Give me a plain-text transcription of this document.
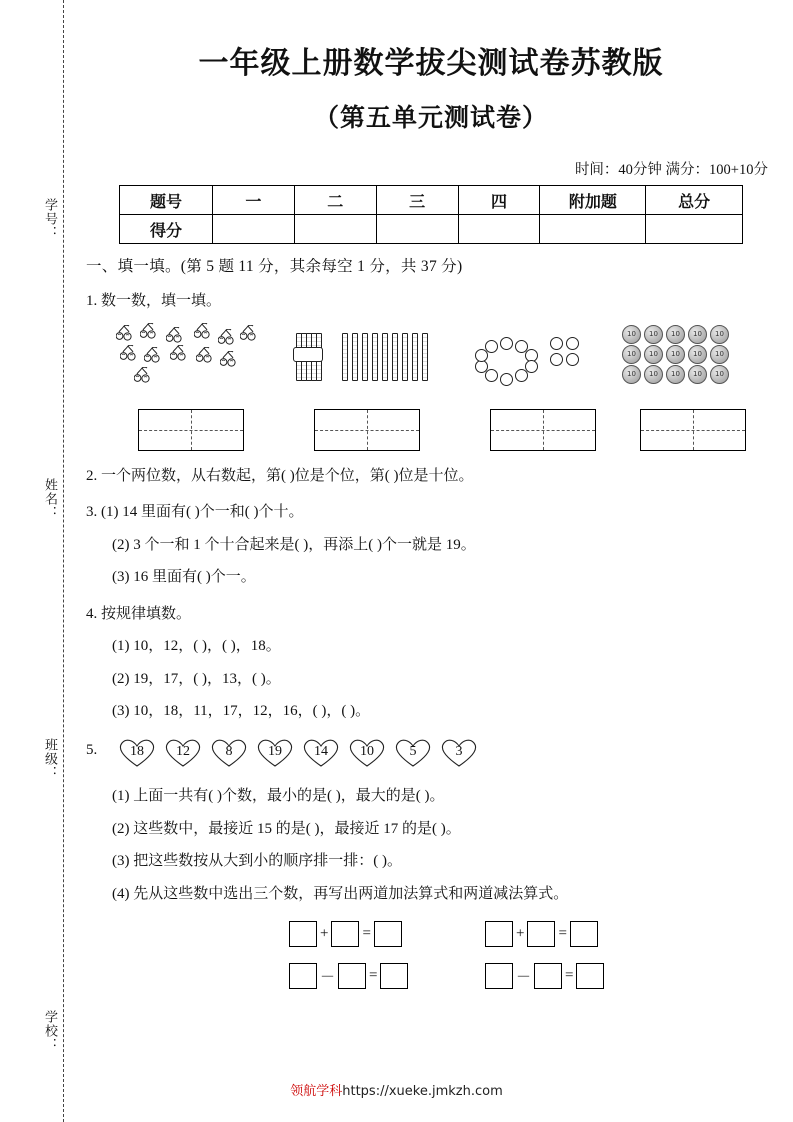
学号：
姓名：
班级：
学校：
一年级上册数学拔尖测试卷苏教版
（第五单元测试卷）
时间：40分钟 满分：100+10分
题号	一	二	三	四	附加题	总分
得分						
一、填一填。(第 5 题 11 分，其余每空 1 分，共 37 分)
1. 数一数，填一填。
10	10	10	10	10
10	10	10	10	10
10	10	10	10	10
2. 一个两位数，从右数起，第( )位是个位，第( )位是十位。
3. (1) 14 里面有( )个一和( )个十。
(2) 3 个一和 1 个十合起来是( )，再添上( )个一就是 19。
(3) 16 里面有( )个一。
4. 按规律填数。
(1) 10，12，( )，( )，18。
(2) 19，17，( )，13，( )。
(3) 10，18，11，17，12，16，( )，( )。
5.	18	12	8	19	14	10	5	3
(1) 上面一共有( )个数，最小的是( )，最大的是( )。
(2) 这些数中，最接近 15 的是( )，最接近 17 的是( )。
(3) 把这些数按从大到小的顺序排一排：( )。
(4) 先从这些数中选出三个数，再写出两道加法算式和两道减法算式。
+ =	+ =
－ =	－ =
领航学科https://xueke.jmkzh.com
